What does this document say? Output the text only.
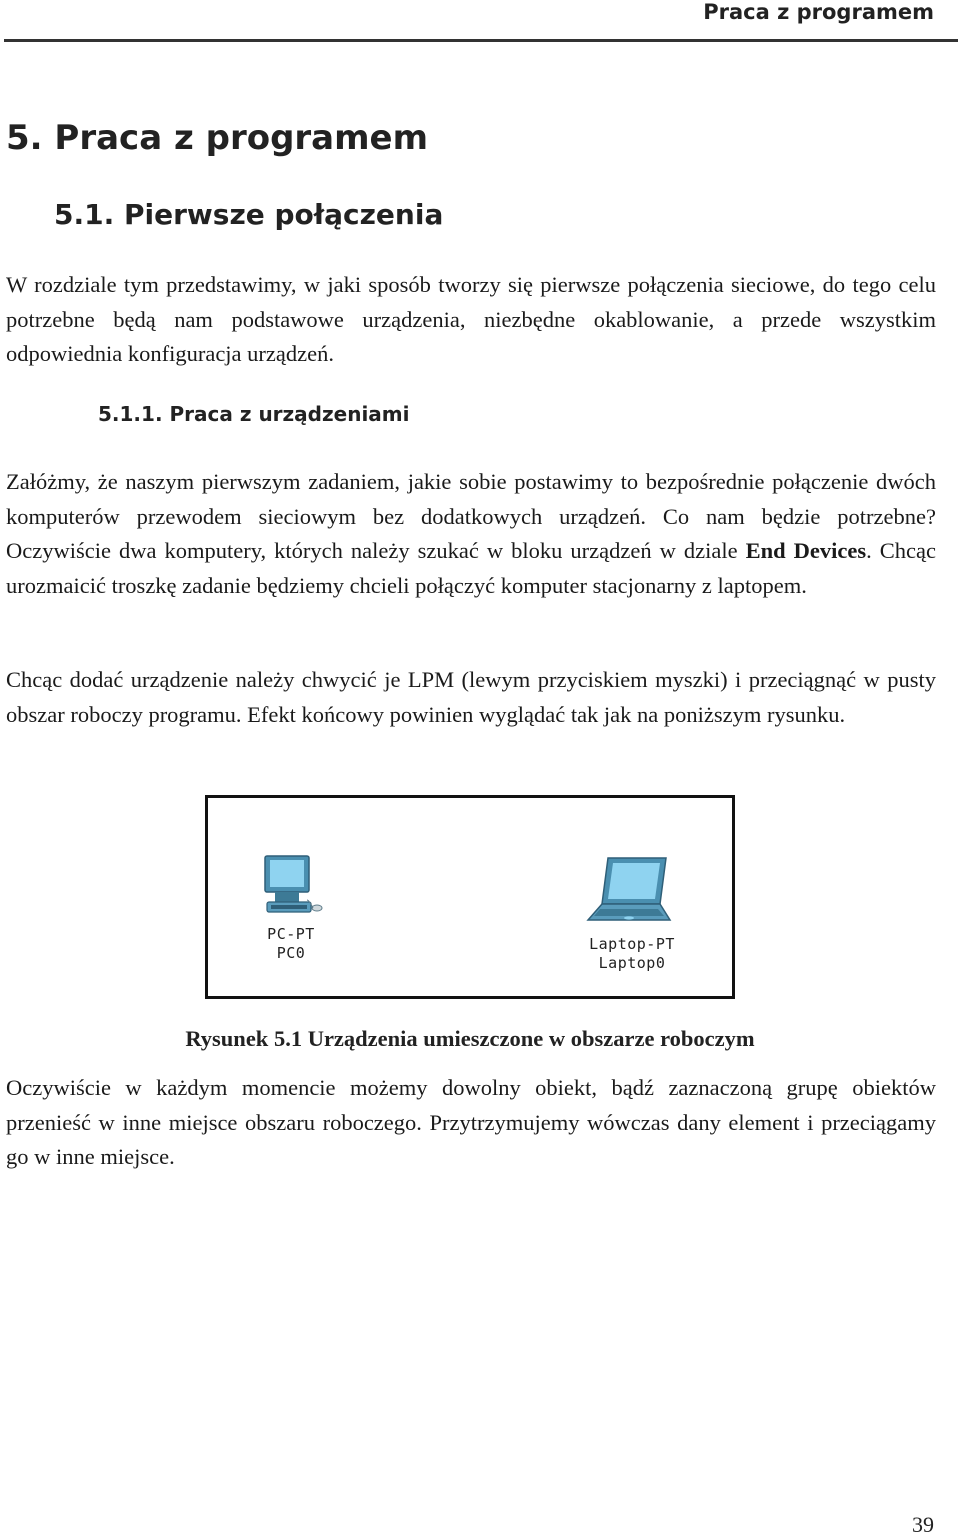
Praca z programem
5. Praca z programem
5.1. Pierwsze połączenia

W rozdziale tym przedstawimy, w jaki sposób tworzy się pierwsze połączenia sieciowe, do tego celu potrzebne będą nam podstawowe urządzenia, niezbędne okablowanie, a przede wszystkim odpowiednia konfiguracja urządzeń.

5.1.1. Praca z urządzeniami

Załóżmy, że naszym pierwszym zadaniem, jakie sobie postawimy to bezpośrednie połączenie dwóch komputerów przewodem sieciowym bez dodatkowych urządzeń. Co nam będzie potrzebne? Oczywiście dwa komputery, których należy szukać w bloku urządzeń w dziale End Devices. Chcąc urozmaicić troszkę zadanie będziemy chcieli połączyć komputer stacjonarny z laptopem.

Chcąc dodać urządzenie należy chwycić je LPM (lewym przyciskiem myszki) i przeciągnąć w pusty obszar roboczy programu. Efekt końcowy powinien wyglądać tak jak na poniższym rysunku.

PC-PT
PC0	Laptop-PT
Laptop0
Rysunek 5.1 Urządzenia umieszczone w obszarze roboczym

Oczywiście w każdym momencie możemy dowolny obiekt, bądź zaznaczoną grupę obiektów przenieść w inne miejsce obszaru roboczego. Przytrzymujemy wówczas dany element i przeciągamy go w inne miejsce.

39
